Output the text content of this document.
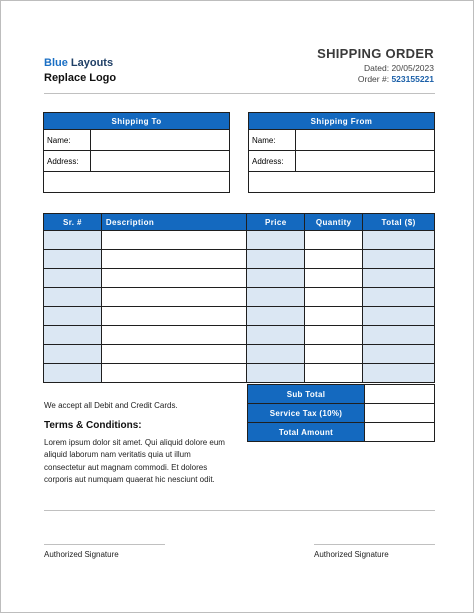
Blue Layouts
Replace Logo
SHIPPING ORDER
Dated: 20/05/2023
Order #: 523155221
Shipping To	
Name:	
Address:	

Shipping From	
Name:	
Address:	

Sr. #	Description	Price	Quantity	Total ($)

Sub Total	
Service Tax (10%)	
Total Amount	
We accept all Debit and Credit Cards.
Terms & Conditions:
Lorem ipsum dolor sit amet. Qui aliquid dolore eum aliquid laborum nam veritatis quia ut illum consectetur aut magnam commodi. Et dolores corporis aut numquam quaerat hic nesciunt odit.
Authorized Signature	Authorized Signature
